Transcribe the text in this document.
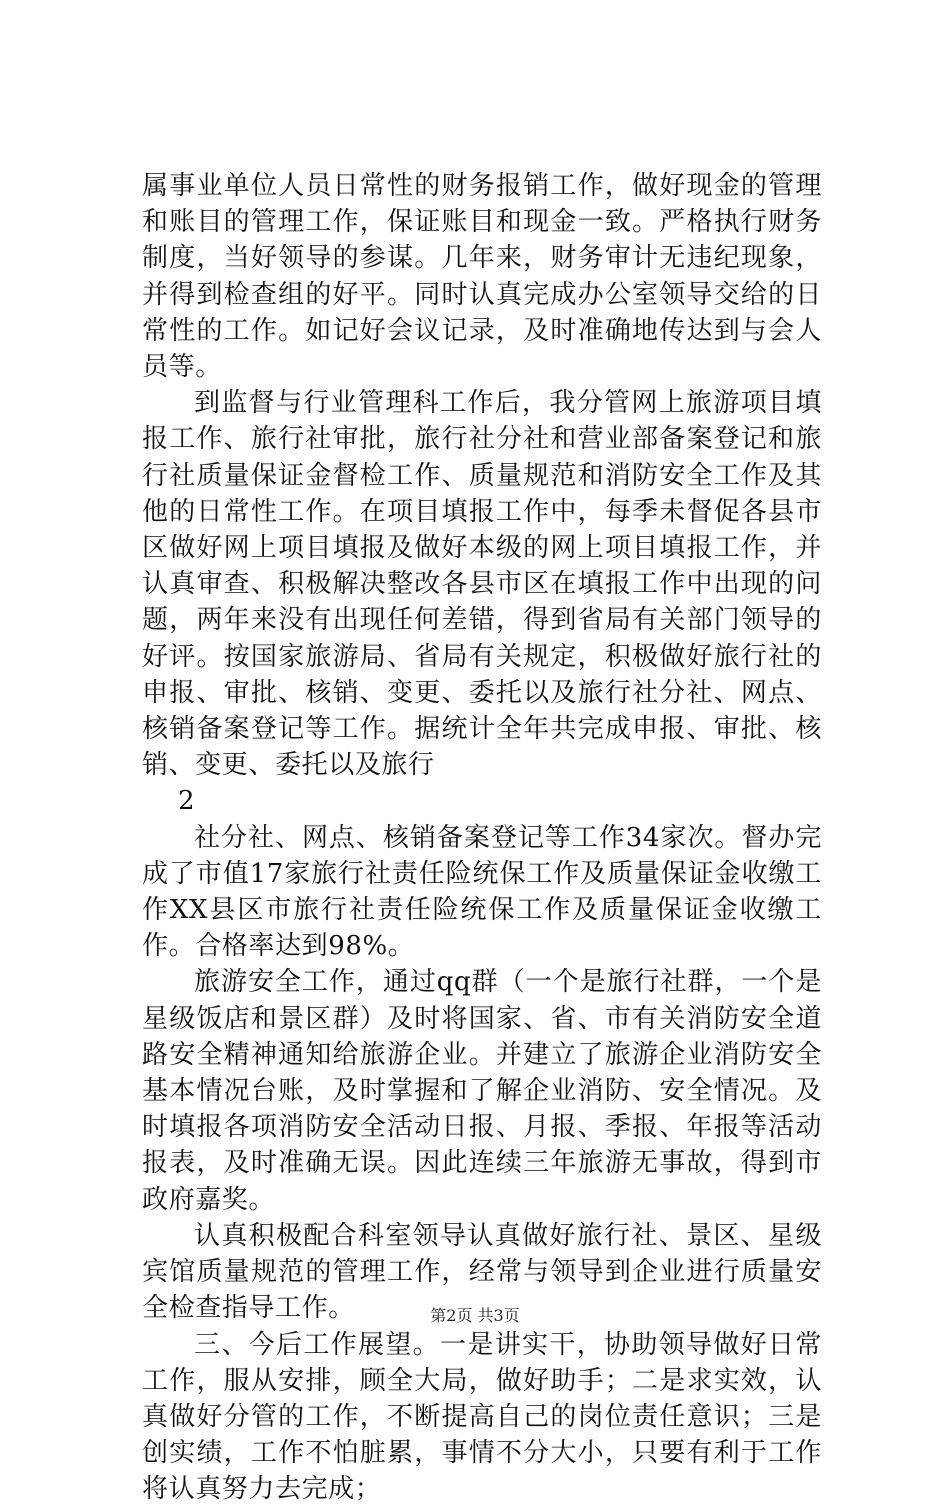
属事业单位人员日常性的财务报销工作，做好现金的管理和账目的管理工作，保证账目和现金一致。严格执行财务制度，当好领导的参谋。几年来，财务审计无违纪现象，并得到检查组的好平。同时认真完成办公室领导交给的日常性的工作。如记好会议记录，及时准确地传达到与会人员等。

到监督与行业管理科工作后，我分管网上旅游项目填报工作、旅行社审批，旅行社分社和营业部备案登记和旅行社质量保证金督检工作、质量规范和消防安全工作及其他的日常性工作。在项目填报工作中，每季未督促各县市区做好网上项目填报及做好本级的网上项目填报工作，并认真审查、积极解决整改各县市区在填报工作中出现的问题，两年来没有出现任何差错，得到省局有关部门领导的好评。按国家旅游局、省局有关规定，积极做好旅行社的申报、审批、核销、变更、委托以及旅行社分社、网点、核销备案登记等工作。据统计全年共完成申报、审批、核销、变更、委托以及旅行

2

社分社、网点、核销备案登记等工作34家次。督办完成了市值17家旅行社责任险统保工作及质量保证金收缴工作XX县区市旅行社责任险统保工作及质量保证金收缴工作。合格率达到98%。

旅游安全工作，通过qq群（一个是旅行社群，一个是星级饭店和景区群）及时将国家、省、市有关消防安全道路安全精神通知给旅游企业。并建立了旅游企业消防安全基本情况台账，及时掌握和了解企业消防、安全情况。及时填报各项消防安全活动日报、月报、季报、年报等活动报表，及时准确无误。因此连续三年旅游无事故，得到市政府嘉奖。

认真积极配合科室领导认真做好旅行社、景区、星级宾馆质量规范的管理工作，经常与领导到企业进行质量安全检查指导工作。

三、今后工作展望。一是讲实干，协助领导做好日常工作，服从安排，顾全大局，做好助手；二是求实效，认真做好分管的工作，不断提高自己的岗位责任意识；三是创实绩，工作不怕脏累，事情不分大小，只要有利于工作将认真努力去完成；

第2页 共3页
